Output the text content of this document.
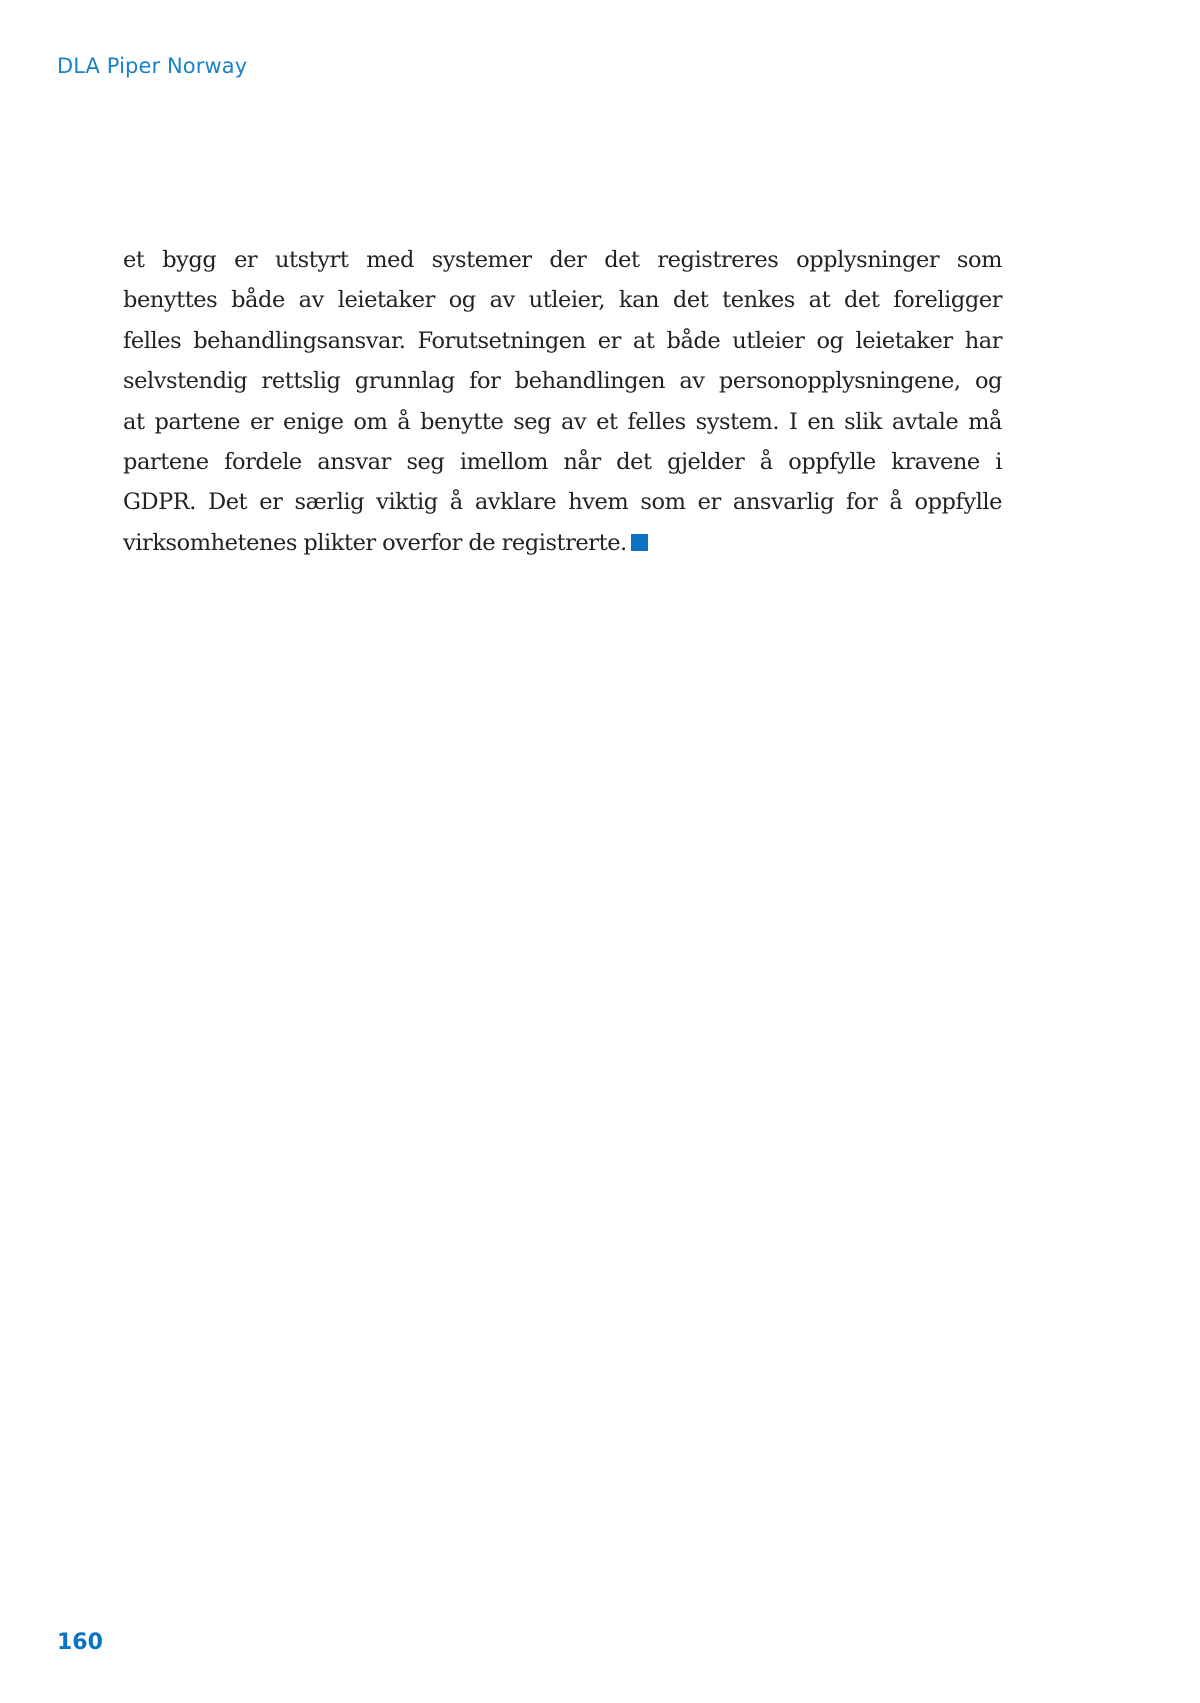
DLA Piper Norway
et bygg er utstyrt med systemer der det registreres opplysninger som
benyttes både av leietaker og av utleier, kan det tenkes at det foreligger
felles behandlingsansvar. Forutsetningen er at både utleier og leietaker har
selvstendig rettslig grunnlag for behandlingen av personopplysningene, og
at partene er enige om å benytte seg av et felles system. I en slik avtale må
partene fordele ansvar seg imellom når det gjelder å oppfylle kravene i
GDPR. Det er særlig viktig å avklare hvem som er ansvarlig for å oppfylle
virksomhetenes plikter overfor de registrerte.
160
